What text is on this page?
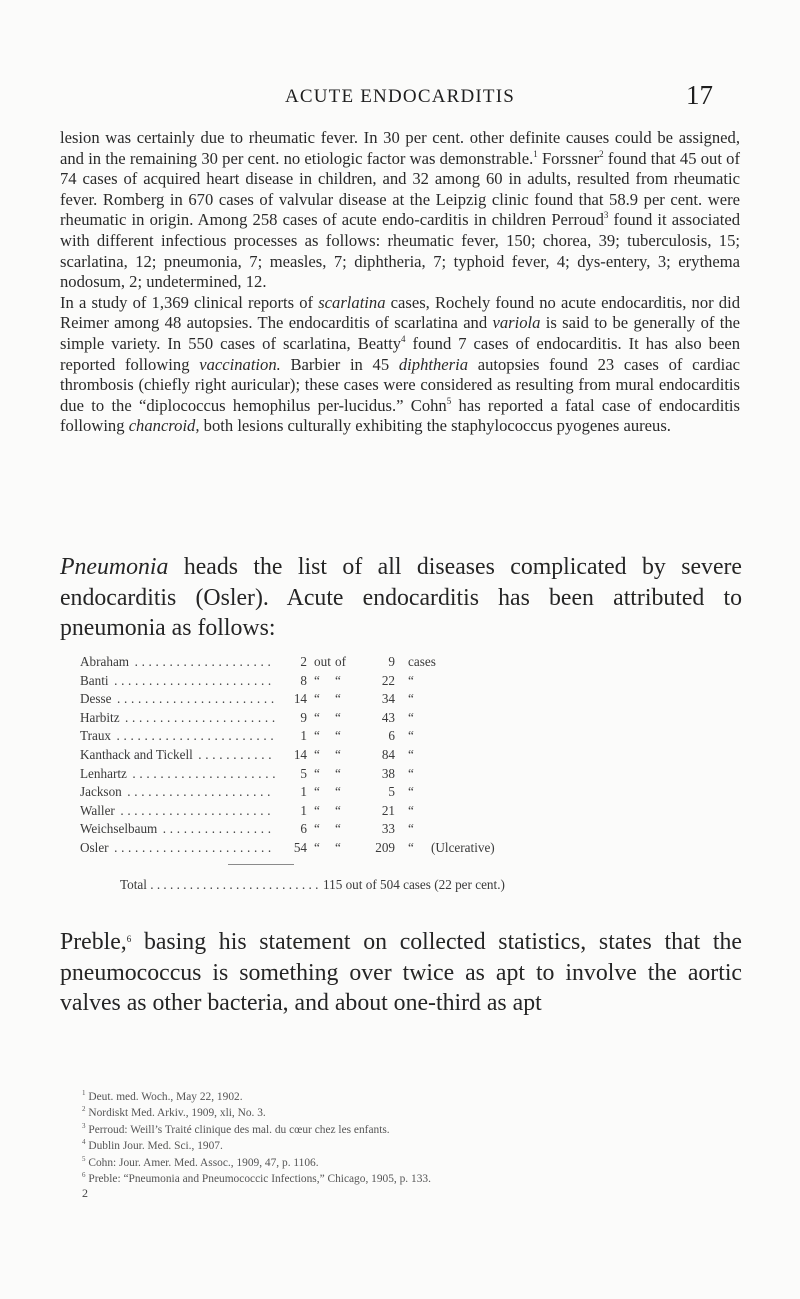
ACUTE ENDOCARDITIS	17

lesion was certainly due to rheumatic fever. In 30 per cent. other definite causes could be assigned, and in the remaining 30 per cent. no etiologic factor was demonstrable.$^1$ Forssner$^2$ found that 45 out of 74 cases of acquired heart disease in children, and 32 among 60 in adults, resulted from rheumatic fever. Romberg in 670 cases of valvular disease at the Leipzig clinic found that 58.9 per cent. were rheumatic in origin. Among 258 cases of acute endo-carditis in children Perroud$^3$ found it associated with different infectious processes as follows: rheumatic fever, 150; chorea, 39; tuberculosis, 15; scarlatina, 12; pneumonia, 7; measles, 7; diphtheria, 7; typhoid fever, 4; dys-entery, 3; erythema nodosum, 2; undetermined, 12.

In a study of 1,369 clinical reports of scarlatina cases, Rochely found no acute endocarditis, nor did Reimer among 48 autopsies. The endocarditis of scarlatina and variola is said to be generally of the simple variety. In 550 cases of scarlatina, Beatty$^4$ found 7 cases of endocarditis. It has also been reported following vaccination. Barbier in 45 diphtheria autopsies found 23 cases of cardiac thrombosis (chiefly right auricular); these cases were considered as resulting from mural endocarditis due to the “diplococcus hemophilus per-lucidus.” Cohn$^5$ has reported a fatal case of endocarditis following chancroid, both lesions culturally exhibiting the staphylococcus pyogenes aureus.

Pneumonia heads the list of all diseases complicated by severe endocarditis (Osler). Acute endocarditis has been attributed to pneumonia as follows:

Abraham . . .	2 out of	9 cases
Banti . . .	8 “ “	22 “
Desse . . .	14 “ “	34 “
Harbitz . . .	9 “ “	43 “
Traux . . .	1 “ “	6 “
Kanthack and Tickell . . .	14 “ “	84 “
Lenhartz . . .	5 “ “	38 “
Jackson . . .	1 “ “	5 “
Waller . . .	1 “ “	21 “
Weichselbaum . . .	6 “ “	33 “
Osler . . .	54 “ “	209 “ (Ulcerative)
Total . . .	115 out of 504 cases (22 per cent.)

Preble,$^6$ basing his statement on collected statistics, states that the pneumococcus is something over twice as apt to involve the aortic valves as other bacteria, and about one-third as apt

$^1$ Deut. med. Woch., May 22, 1902.
$^2$ Nordiskt Med. Arkiv., 1909, xli, No. 3.
$^3$ Perroud: Weill’s Traité clinique des mal. du cœur chez les enfants.
$^4$ Dublin Jour. Med. Sci., 1907.
$^5$ Cohn: Jour. Amer. Med. Assoc., 1909, 47, p. 1106.
$^6$ Preble: “Pneumonia and Pneumococcic Infections,” Chicago, 1905, p. 133.
2
